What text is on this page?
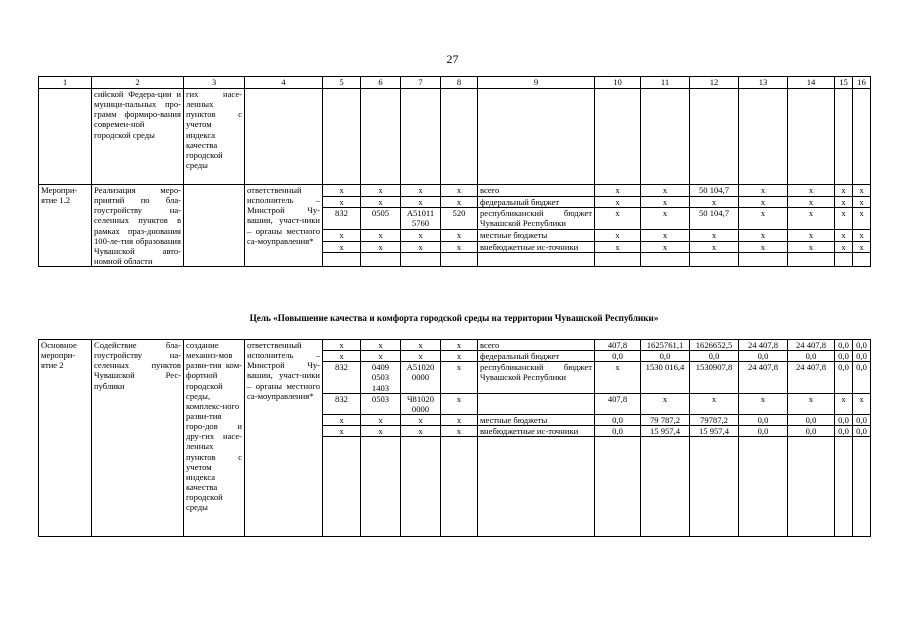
27
1	2	3	4	5	6	7	8	9	10	11	12	13	14	15	16
	сийской Федера-ции и муници-пальных про-грамм формиро-вания современ-ной городской среды	гих насе-ленных пунктов с учетом индекса качества городской среды													
Меропри-ятие 1.2	Реализация меро-приятий по бла-гоустройству на-селенных пунктов в рамках праз-днования 100-ле-тия образования Чувашской авто-номной области		ответственный исполнитель – Минстрой Чу-вашии, участ-ники – органы местного са-моуправления*	х	х	х	х	всего	х	х	50 104,7	х	х	х	х
				х	х	х	х	федеральный бюджет	х	х	х	х	х	х	х
				832	0505	А51011 5760	520	республиканский бюджет Чувашской Республики	х	х	50 104,7	х	х	х	х
				х	х	х	х	местные бюджеты	х	х	х	х	х	х	х
				х	х	х	х	внебюджетные ис-точники	х	х	х	х	х	х	х

Цель «Повышение качества и комфорта городской среды на территории Чувашской Республики»
Основное меропри-ятие 2	Содействие бла-гоустройству на-селенных пунктов Чувашской Рес-публики	создание механиз-мов разви-тия ком-фортной городской среды, комплекс-ного разви-тия горо-дов и дру-гих насе-ленных пунктов с учетом индекса качества городской среды	ответственный исполнитель – Минстрой Чу-вашии, участ-ники – органы местного са-моуправления*	х	х	х	х	всего	407,8	1625761,1	1626652,5	24 407,8	24 407,8	0,0	0,0
				х	х	х	х	федеральный бюджет	0,0	0,0	0,0	0,0	0,0	0,0	0,0
				832	0409 0503 1403	А51020 0000	х	республиканский бюджет Чувашской Республики	х	1530 016,4	1530907,8	24 407,8	24 407,8	0,0	0,0
				832	0503	Ч81020 0000	х		407,8	х	х	х	х	х	х
				х	х	х	х	местные бюджеты	0,0	79 787,2	79787,2	0,0	0,0	0,0	0,0
				х	х	х	х	внебюджетные ис-точники	0,0	15 957,4	15 957,4	0,0	0,0	0,0	0,0
